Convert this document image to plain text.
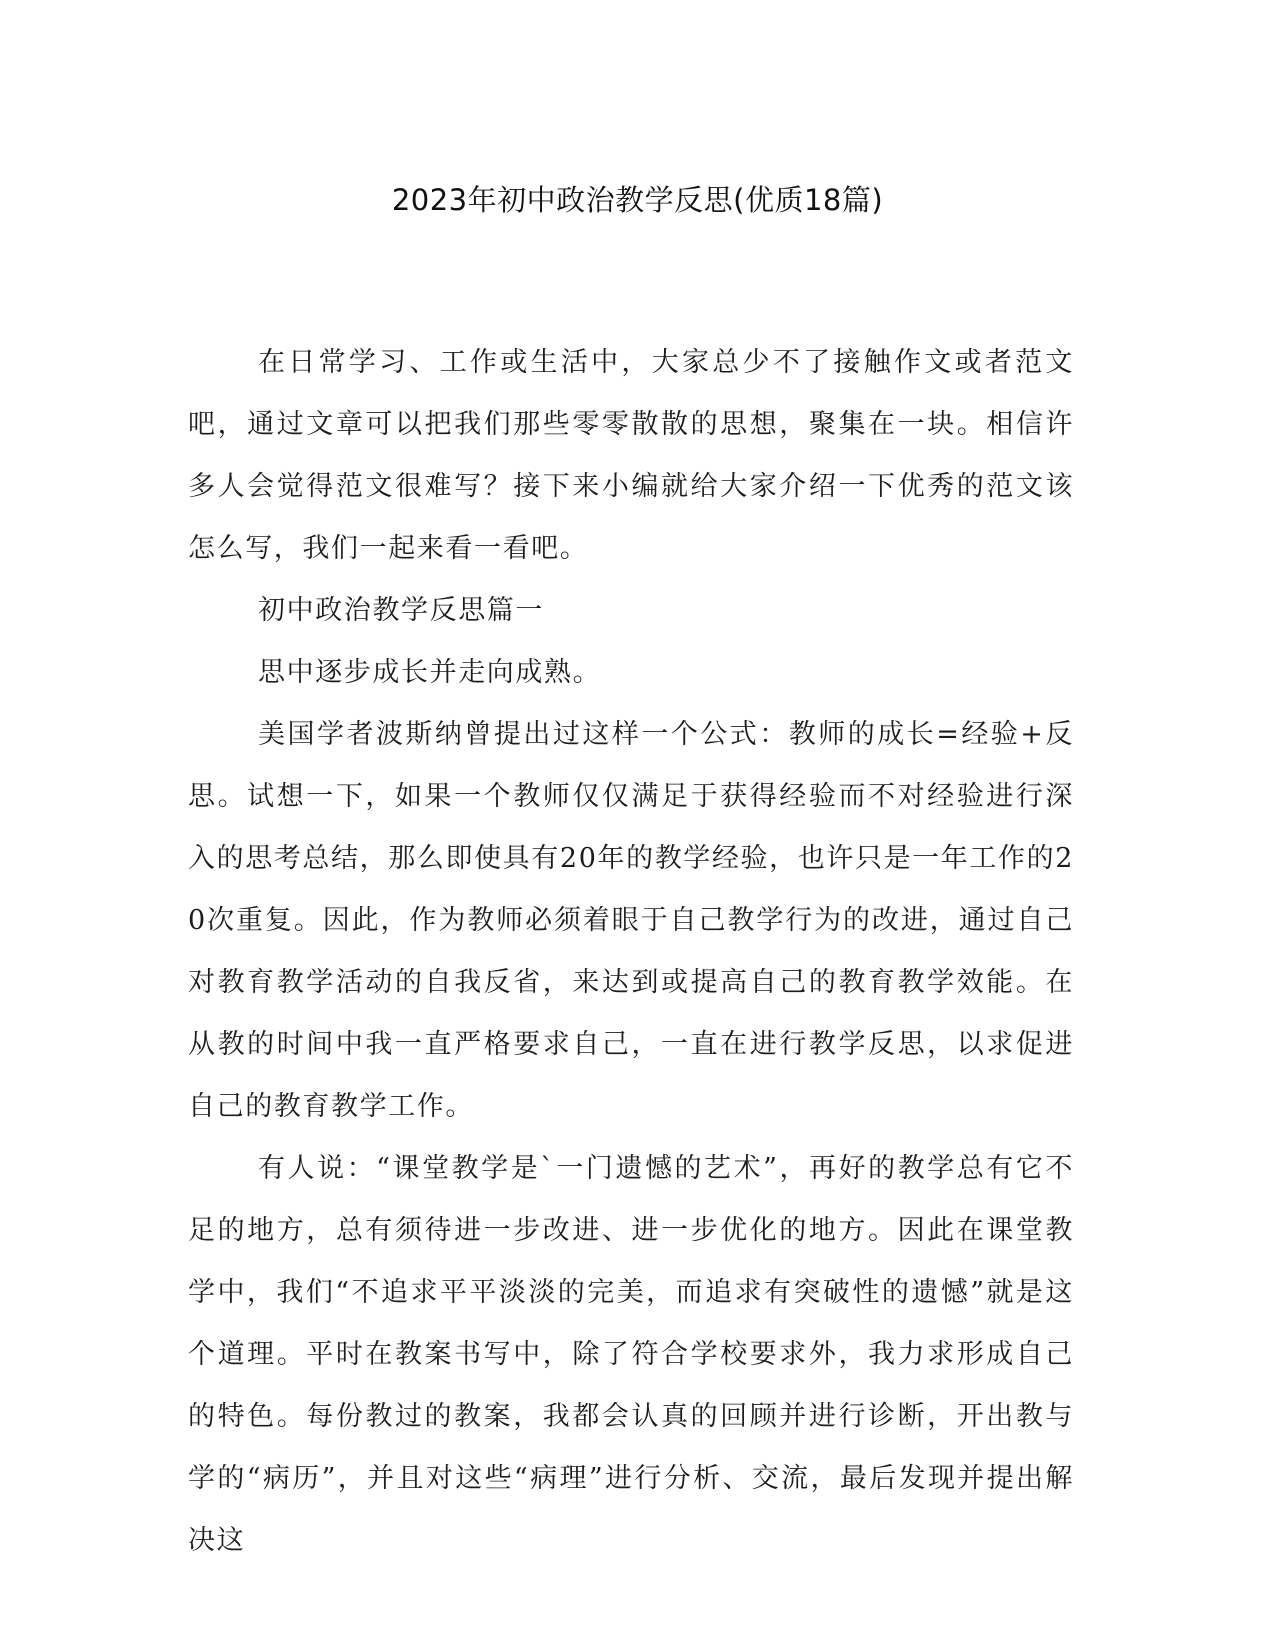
2023年初中政治教学反思(优质18篇)

在日常学习、工作或生活中，大家总少不了接触作文或者范文吧，通过文章可以把我们那些零零散散的思想，聚集在一块。相信许多人会觉得范文很难写？接下来小编就给大家介绍一下优秀的范文该怎么写，我们一起来看一看吧。

初中政治教学反思篇一

思中逐步成长并走向成熟。

美国学者波斯纳曾提出过这样一个公式：教师的成长=经验+反思。试想一下，如果一个教师仅仅满足于获得经验而不对经验进行深入的思考总结，那么即使具有20年的教学经验，也许只是一年工作的20次重复。因此，作为教师必须着眼于自己教学行为的改进，通过自己对教育教学活动的自我反省，来达到或提高自己的教育教学效能。在从教的时间中我一直严格要求自己，一直在进行教学反思，以求促进自己的教育教学工作。

有人说：“课堂教学是`一门遗憾的艺术”，再好的教学总有它不足的地方，总有须待进一步改进、进一步优化的地方。因此在课堂教学中，我们“不追求平平淡淡的完美，而追求有突破性的遗憾”就是这个道理。平时在教案书写中，除了符合学校要求外，我力求形成自己的特色。每份教过的教案，我都会认真的回顾并进行诊断，开出教与学的“病历”，并且对这些“病理”进行分析、交流，最后发现并提出解决这
